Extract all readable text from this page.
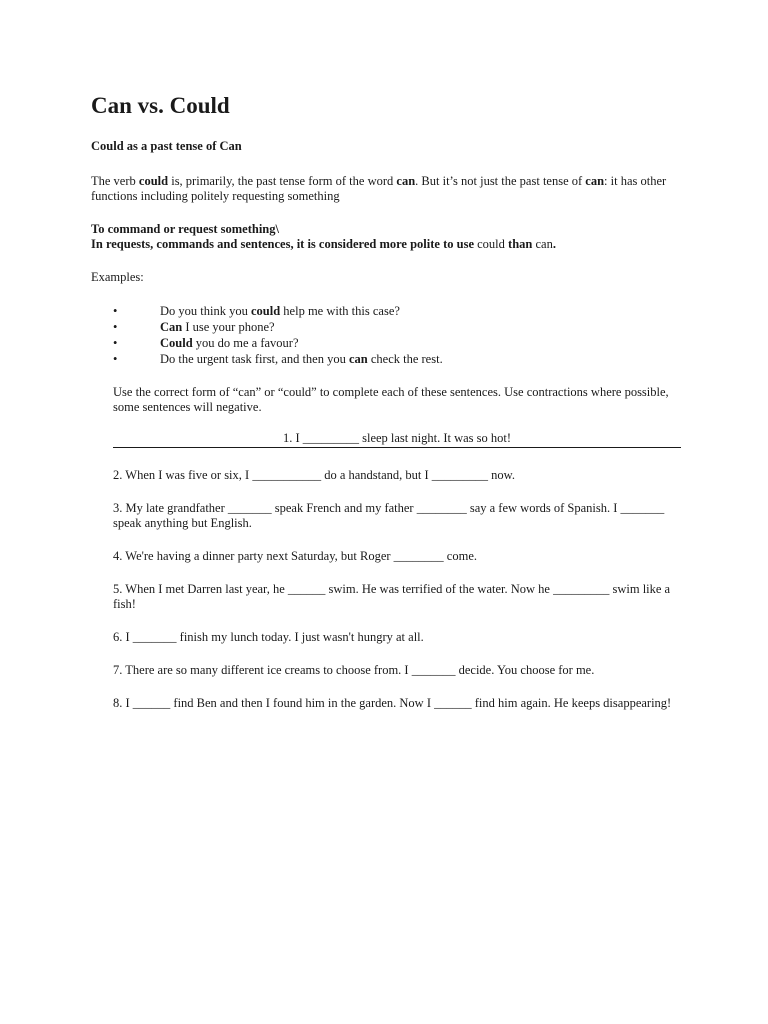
Can vs. Could
Could as a past tense of Can
The verb could is, primarily, the past tense form of the word can. But it’s not just the past tense of can: it has other functions including politely requesting something
To command or request something\
In requests, commands and sentences, it is considered more polite to use could than can.
Examples:
•	Do you think you could help me with this case?
•	Can I use your phone?
•	Could you do me a favour?
•	Do the urgent task first, and then you can check the rest.
Use the correct form of “can” or “could” to complete each of these sentences. Use contractions where possible, some sentences will negative.
1. I _________ sleep last night. It was so hot!
2. When I was five or six, I ___________ do a handstand, but I _________ now.
3. My late grandfather _______ speak French and my father ________ say a few words of Spanish. I _______ speak anything but English.
4. We're having a dinner party next Saturday, but Roger ________ come.
5. When I met Darren last year, he ______ swim. He was terrified of the water. Now he _________ swim like a fish!
6. I _______ finish my lunch today. I just wasn't hungry at all.
7. There are so many different ice creams to choose from. I _______ decide. You choose for me.
8. I ______ find Ben and then I found him in the garden. Now I ______ find him again. He keeps disappearing!
